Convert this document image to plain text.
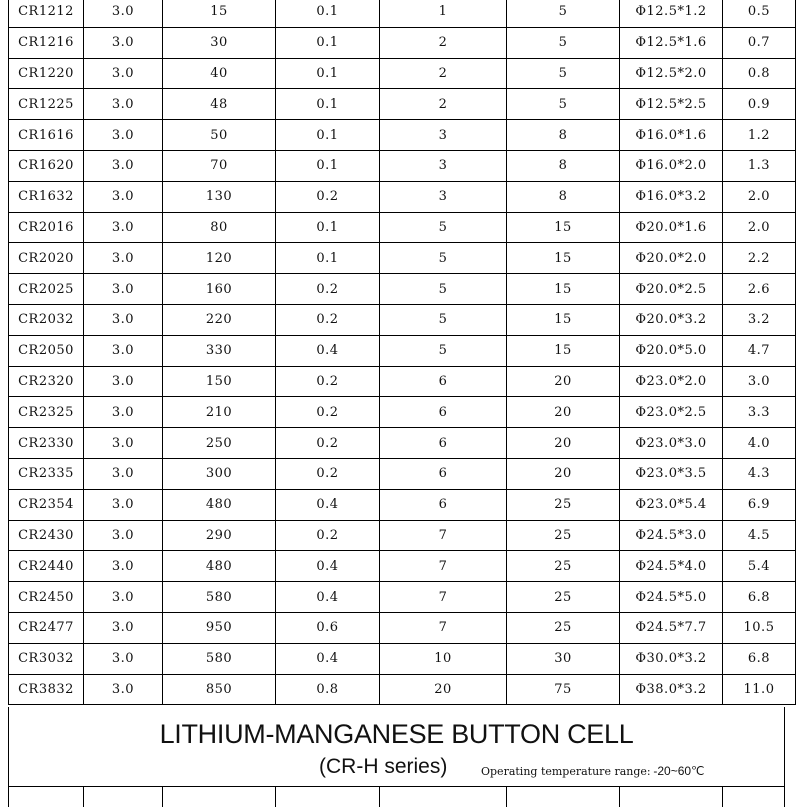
CR1212	3.0	15	0.1	1	5	Φ12.5*1.2	0.5
CR1216	3.0	30	0.1	2	5	Φ12.5*1.6	0.7
CR1220	3.0	40	0.1	2	5	Φ12.5*2.0	0.8
CR1225	3.0	48	0.1	2	5	Φ12.5*2.5	0.9
CR1616	3.0	50	0.1	3	8	Φ16.0*1.6	1.2
CR1620	3.0	70	0.1	3	8	Φ16.0*2.0	1.3
CR1632	3.0	130	0.2	3	8	Φ16.0*3.2	2.0
CR2016	3.0	80	0.1	5	15	Φ20.0*1.6	2.0
CR2020	3.0	120	0.1	5	15	Φ20.0*2.0	2.2
CR2025	3.0	160	0.2	5	15	Φ20.0*2.5	2.6
CR2032	3.0	220	0.2	5	15	Φ20.0*3.2	3.2
CR2050	3.0	330	0.4	5	15	Φ20.0*5.0	4.7
CR2320	3.0	150	0.2	6	20	Φ23.0*2.0	3.0
CR2325	3.0	210	0.2	6	20	Φ23.0*2.5	3.3
CR2330	3.0	250	0.2	6	20	Φ23.0*3.0	4.0
CR2335	3.0	300	0.2	6	20	Φ23.0*3.5	4.3
CR2354	3.0	480	0.4	6	25	Φ23.0*5.4	6.9
CR2430	3.0	290	0.2	7	25	Φ24.5*3.0	4.5
CR2440	3.0	480	0.4	7	25	Φ24.5*4.0	5.4
CR2450	3.0	580	0.4	7	25	Φ24.5*5.0	6.8
CR2477	3.0	950	0.6	7	25	Φ24.5*7.7	10.5
CR3032	3.0	580	0.4	10	30	Φ30.0*3.2	6.8
CR3832	3.0	850	0.8	20	75	Φ38.0*3.2	11.0
LITHIUM-MANGANESE BUTTON CELL
(CR-H series)	Operating temperature range: -20~60℃
